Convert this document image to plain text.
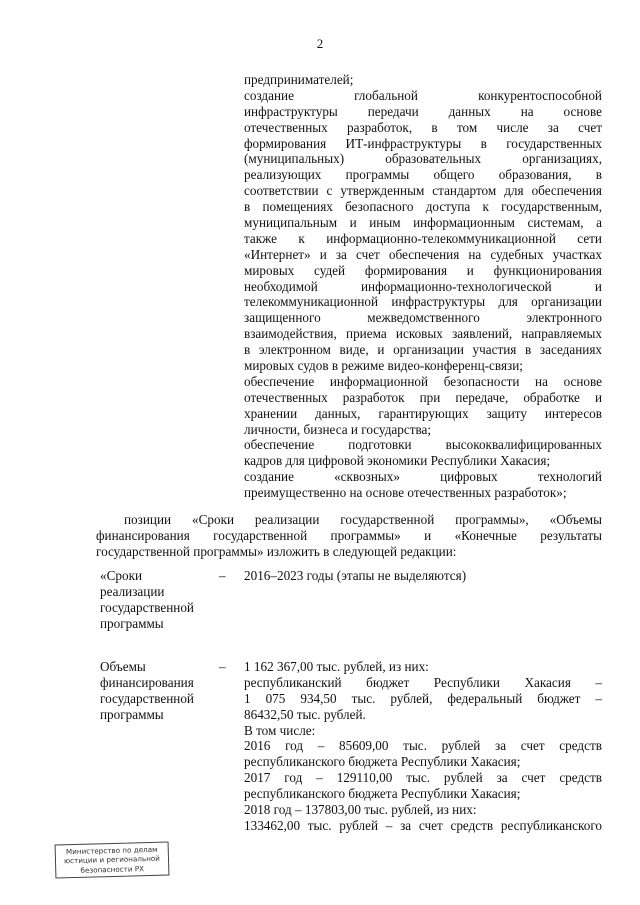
2
предпринимателей;
создание глобальной конкурентоспособной
инфраструктуры передачи данных на основе
отечественных разработок, в том числе за счет
формирования ИТ-инфраструктуры в государственных
(муниципальных) образовательных организациях,
реализующих программы общего образования, в
соответствии с утвержденным стандартом для обеспечения
в помещениях безопасного доступа к государственным,
муниципальным и иным информационным системам, а
также к информационно-телекоммуникационной сети
«Интернет» и за счет обеспечения на судебных участках
мировых судей формирования и функционирования
необходимой информационно-технологической и
телекоммуникационной инфраструктуры для организации
защищенного межведомственного электронного
взаимодействия, приема исковых заявлений, направляемых
в электронном виде, и организации участия в заседаниях
мировых судов в режиме видео-конференц-связи;
обеспечение информационной безопасности на основе
отечественных разработок при передаче, обработке и
хранении данных, гарантирующих защиту интересов
личности, бизнеса и государства;
обеспечение подготовки высококвалифицированных
кадров для цифровой экономики Республики Хакасия;
создание «сквозных» цифровых технологий
преимущественно на основе отечественных разработок»;
позиции «Сроки реализации государственной программы», «Объемы
финансирования государственной программы» и «Конечные результаты
государственной программы» изложить в следующей редакции:
«Сроки
реализации
государственной
программы
– 2016–2023 годы (этапы не выделяются)
Объемы
финансирования
государственной
программы
– 1 162 367,00 тыс. рублей, из них:
республиканский бюджет Республики Хакасия –
1 075 934,50 тыс. рублей, федеральный бюджет –
86432,50 тыс. рублей.
В том числе:
2016 год – 85609,00 тыс. рублей за счет средств
республиканского бюджета Республики Хакасия;
2017 год – 129110,00 тыс. рублей за счет средств
республиканского бюджета Республики Хакасия;
2018 год – 137803,00 тыс. рублей, из них:
133462,00 тыс. рублей – за счет средств республиканского
Министерство по делам
юстиции и региональной
безопасности РХ
